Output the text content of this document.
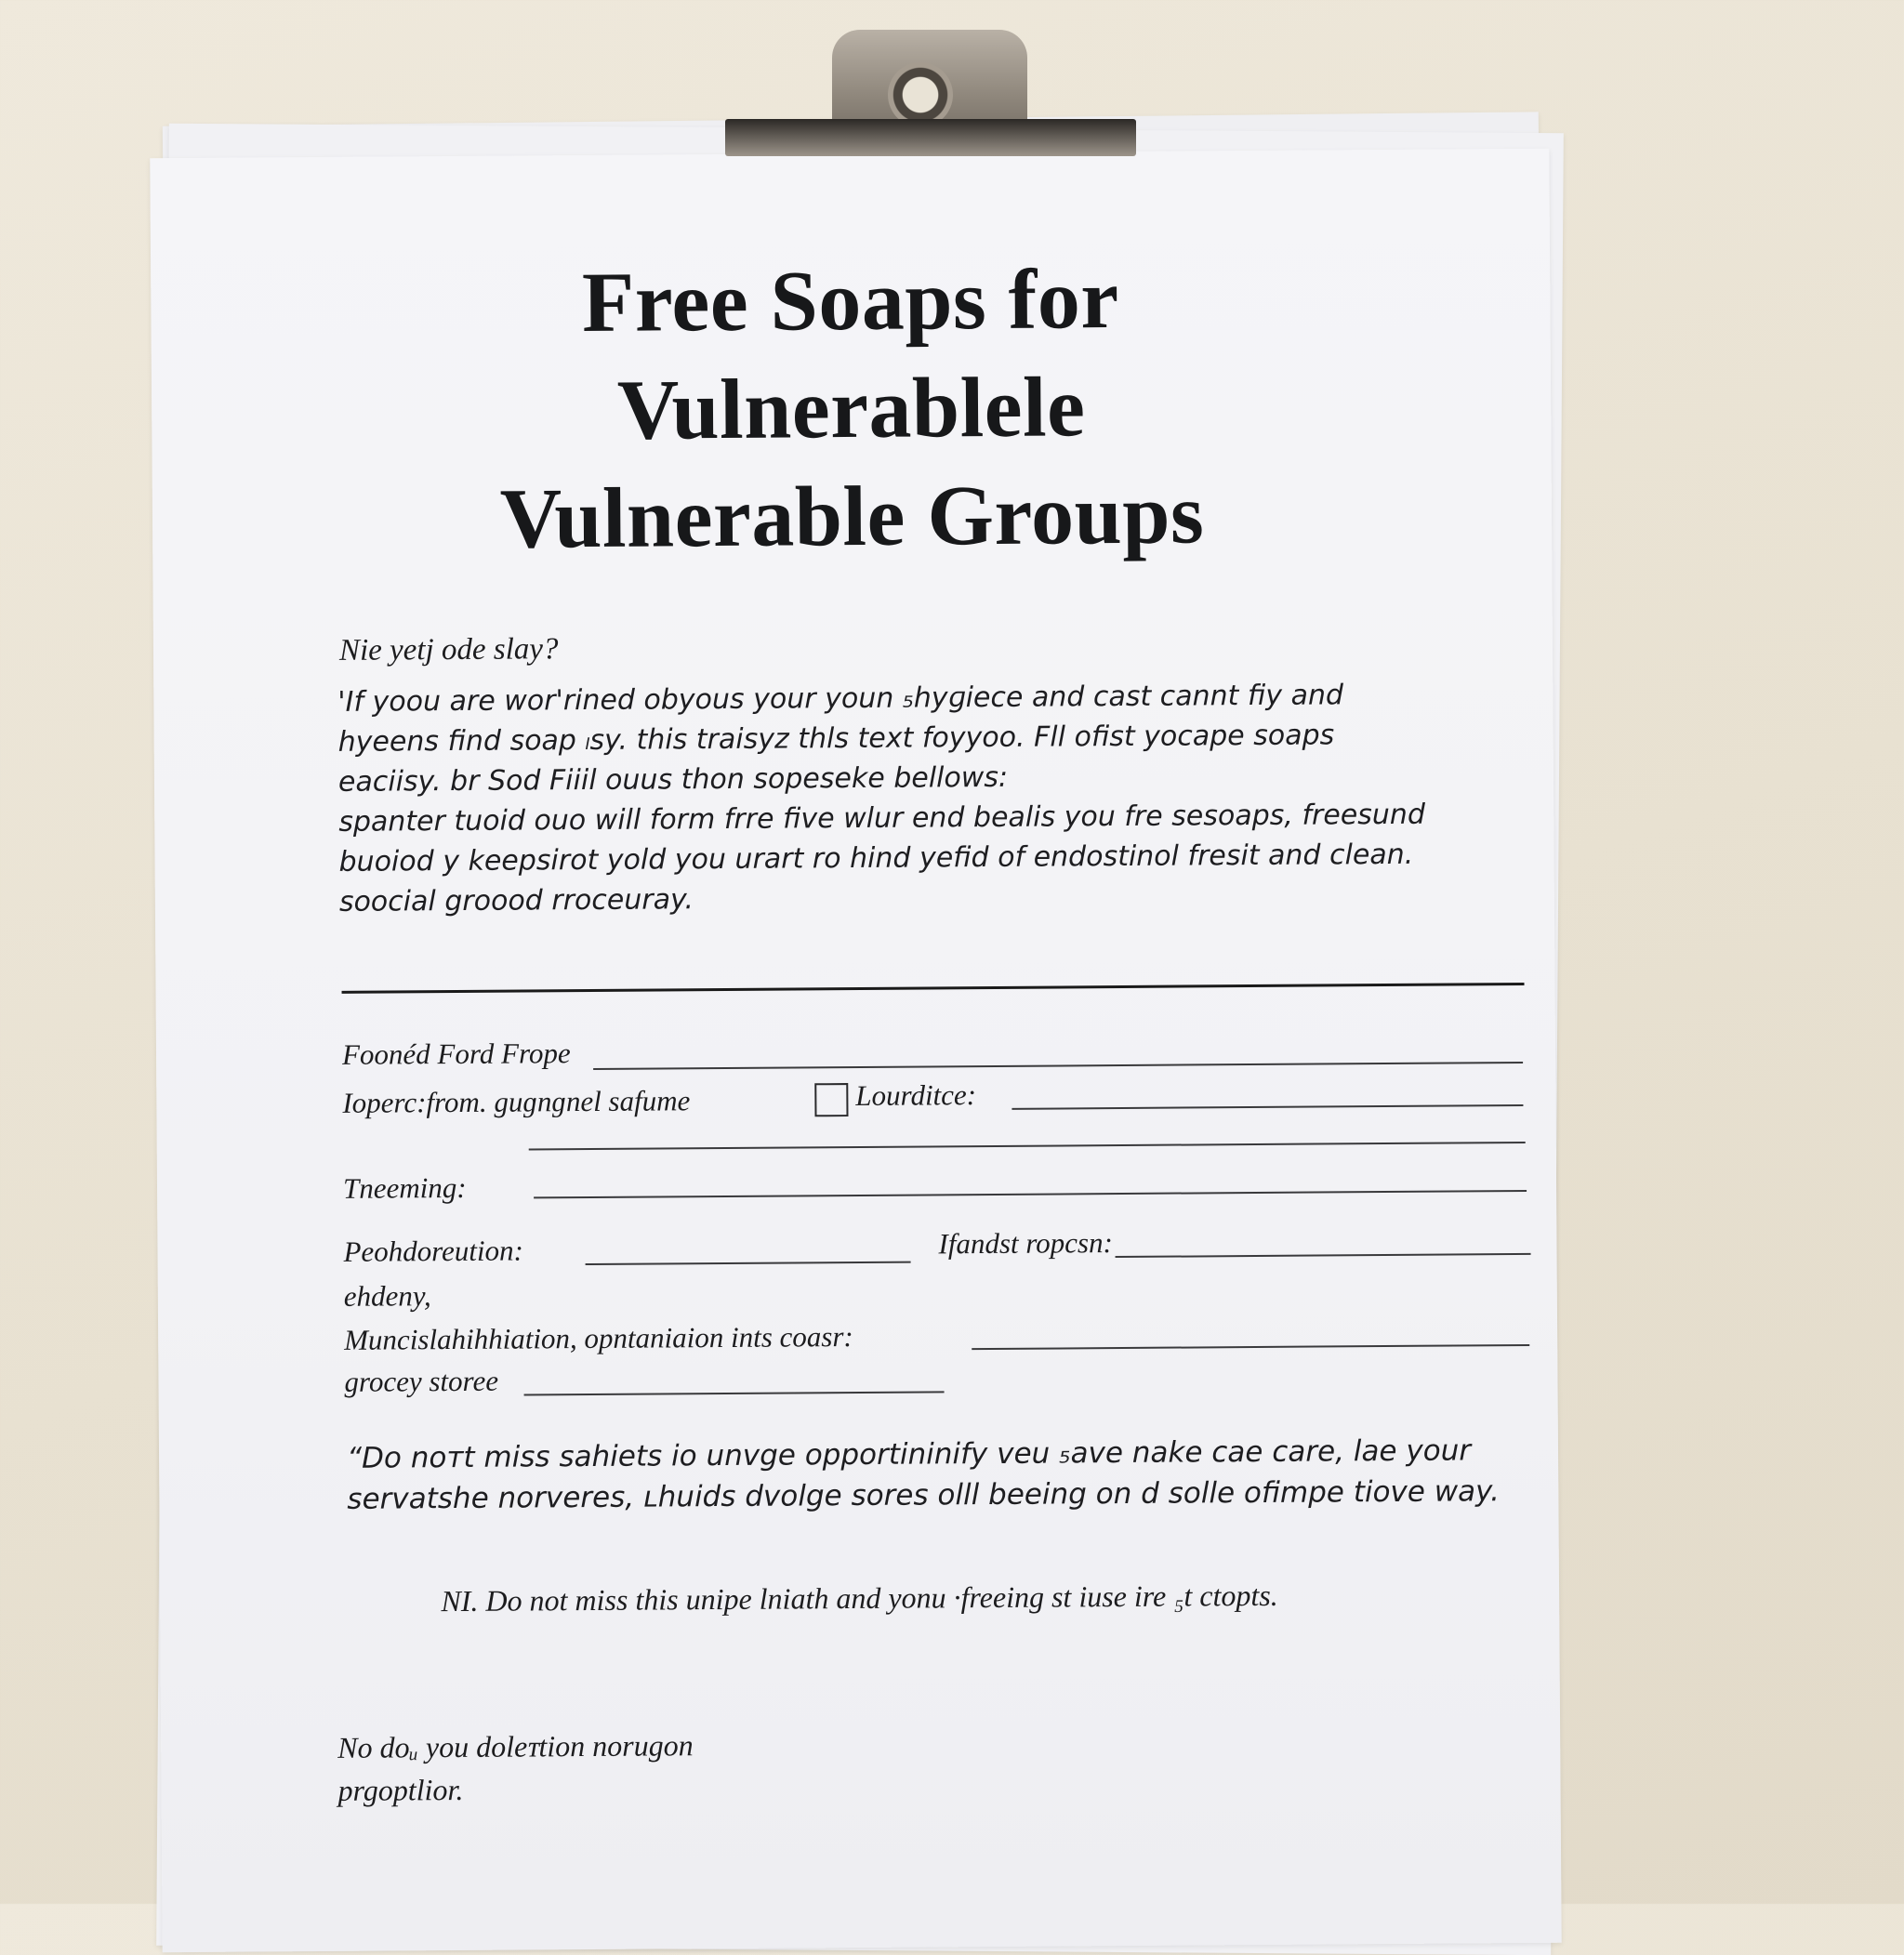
Free Soaps for
Vulnerablele
Vulnerable Groups
Nie yetj ode slay?
'If yoou are wor'rined obyous your youn ₅hyɡiece and cast cannt fiy and
hyeens find soap ₗsy. this traisyz thls text foyyoo. Fll ofist yocape soaps
eaciisy. br Sod Fiiil ouus thon sopeseke bellows:
spanter tuoid ouo will form frre five wlur end bealis you fre sesoaps, freesund
buoiod y keepsirot yold you urart ro hind yefid of endostinol fresit and clean.
soocial groood rroceuray.
Foonéd Ford Frope
Ioperc:from. guɡnɡnel safume	Lourditce:
Tneeming:
Peohdoreution:	Ifandst ropcsn:
ehdeny,
Muncislahihhiation, opntaniaion ints coasr:
grocey storee
“Do noᴛt miss sahiets io unvge opportininify veu ₅ave nake cae care, lae your
servatshe norveres, ʟhuids dvolge sores olll beeing on d solle ofimpe tiove way.
NI. Do not miss this unipe lniath and yonu ·freeing st iuse ire ₅t ctopts.
No doᵤ you doleᴛtion norugon
prgoptlior.
